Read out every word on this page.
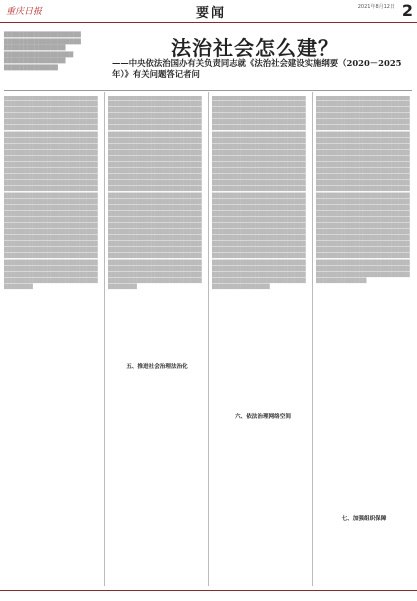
重庆日报	要闻	2021年8月12日 2
法治社会怎么建？
——中央依法治国办有关负责同志就《法治社会建设实施纲要（2020－2025年）》有关问题答记者问
████████████████████ ████████████████████ ████████████████ ██████████████████ ████████████████ ██████████████
██████████████████████████████████████████████████████████████████████████████████████████████████████████████████████████████████████████████████████████████████████████████████████████████████████████████████████████████████████████████████████████████████████████████████████████████████████████████████████████████████████████████████████████████████████████████████████████████████████████████████████████████████████████████████████████████████████████████████████████████████████████████████████████████████████████████████████████████████████████████████████████████████████████████████████████████████████████████████████████████████████████████████████████████████████████████████████████████████████████████████████████████████████████████████████████████████████████████████████████████████████████████
██████████████████████████████████████████████████████████████████████████████████████████████████████████████████████████████████████████████████████████████████████████████████████████████████████████████████████████████████████████████████████████████████████████████████████████████████████████████████████████████████████████████████████████████████████████████████████████████████████████████████████████████████████████████████████████████████████████████████████████████████████████████████████████████████████████████████████████████████████████████████████████████████████████████████████████████████████████████████████████████████████████████████████████████████████████████████████████████████████████████████████████████████████████████████████████████████████████████████████████████████████████████
五、推进社会治理法治化
██████████████████████████████████████████████████████████████████████████████████████████████████████████████████████████████████████████████████████████████████████████████████████████████████████████████████████████████████████████████████████████████████████████████████████████████████████████████████████████████████████████████████████████████████████████████████████████████████████████████████████████████████████████████████████████████████████████████████████████████████████████████████████████████████████████████████████████████████████████████████████████████████████████████████████████████████████████████████████████████████████████████████████████████████████████████████████████████████████████████████████████████████████████████████████████████████████████████████████████████████████████████████████
六、依法治理网络空间
██████████████████████████████████████████████████████████████████████████████████████████████████████████████████████████████████████████████████████████████████████████████████████████████████████████████████████████████████████████████████████████████████████████████████████████████████████████████████████████████████████████████████████████████████████████████████████████████████████████████████████████████████████████████████████████████████████████████████████████████████████████████████████████████████████████████████████████████████████████████████████████████████████████████████████████████████████████████████████████████████████████████████████████████████████████████████████████████████████████████████████████████████████████████████████████████████████████████████████████
七、加强组织保障
